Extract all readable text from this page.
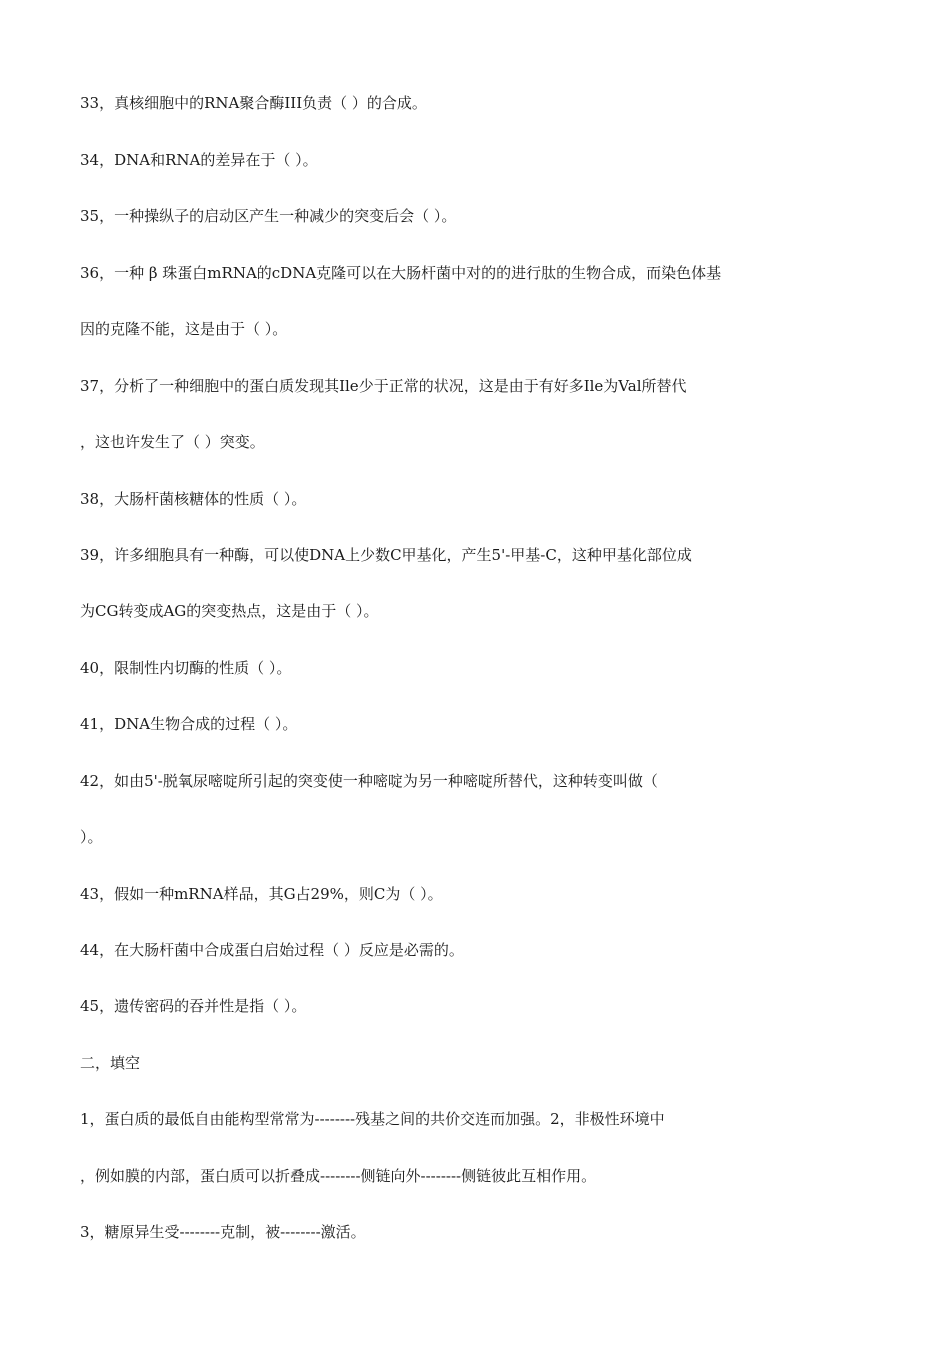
33，真核细胞中的RNA聚合酶III负责（ ）的合成。
34，DNA和RNA的差异在于（ ）。
35，一种操纵子的启动区产生一种减少的突变后会（ ）。
36，一种 β 珠蛋白mRNA的cDNA克隆可以在大肠杆菌中对的的进行肽的生物合成，而染色体基
因的克隆不能，这是由于（ ）。
37，分析了一种细胞中的蛋白质发现其Ile少于正常的状况，这是由于有好多Ile为Val所替代
，这也许发生了（ ）突变。
38，大肠杆菌核糖体的性质（ ）。
39，许多细胞具有一种酶，可以使DNA上少数C甲基化，产生5'-甲基-C，这种甲基化部位成
为CG转变成AG的突变热点，这是由于（ ）。
40，限制性内切酶的性质（ ）。
41，DNA生物合成的过程（ ）。
42，如由5'-脱氧尿嘧啶所引起的突变使一种嘧啶为另一种嘧啶所替代，这种转变叫做（
）。
43，假如一种mRNA样品，其G占29%，则C为（ ）。
44，在大肠杆菌中合成蛋白启始过程（ ）反应是必需的。
45，遗传密码的吞并性是指（ ）。
二，填空
1，蛋白质的最低自由能构型常常为--------残基之间的共价交连而加强。2，非极性环境中
，例如膜的内部，蛋白质可以折叠成--------侧链向外--------侧链彼此互相作用。
3，糖原异生受--------克制，被--------激活。
